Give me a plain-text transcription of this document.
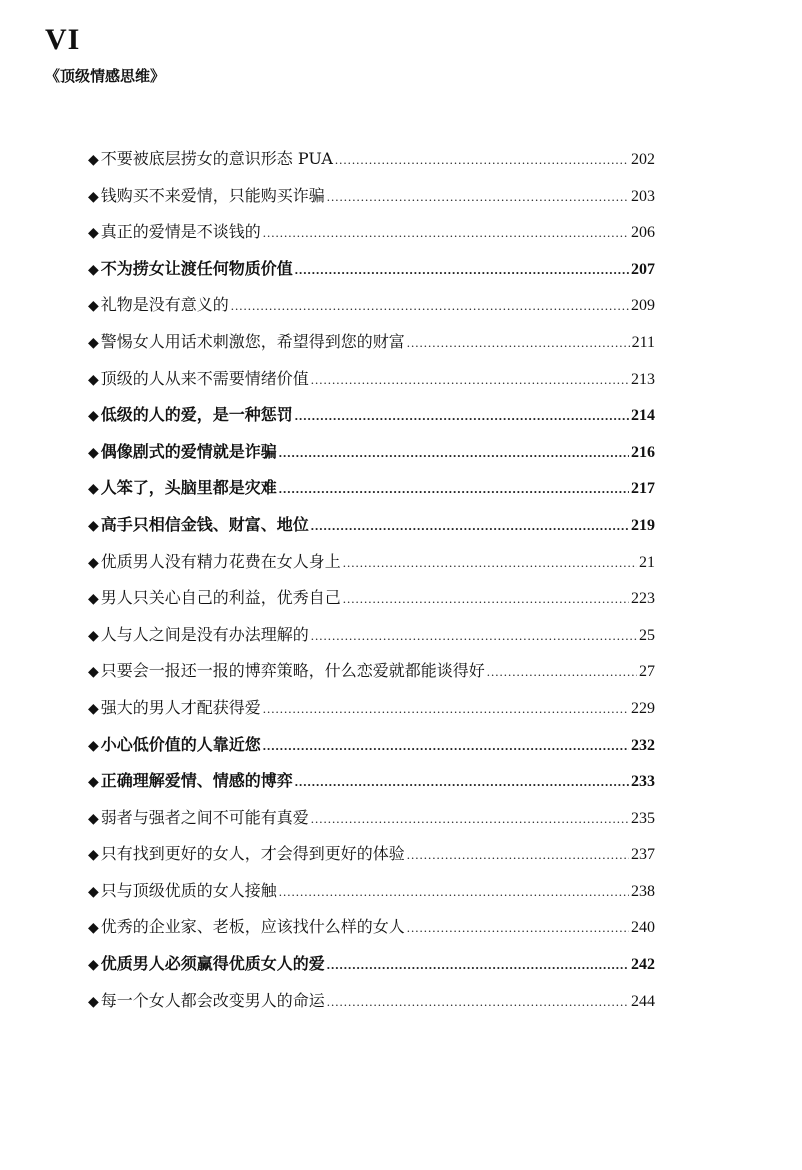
VI
《顶级情感思维》
◆ 不要被底层捞女的意识形态 PUA .....	202
◆ 钱购买不来爱情，只能购买诈骗 .....	203
◆ 真正的爱情是不谈钱的 .....	206
◆ 不为捞女让渡任何物质价值 .....	207
◆ 礼物是没有意义的 .....	209
◆ 警惕女人用话术刺激您，希望得到您的财富 .....	211
◆ 顶级的人从来不需要情绪价值 .....	213
◆ 低级的人的爱，是一种惩罚 .....	214
◆ 偶像剧式的爱情就是诈骗 .....	216
◆ 人笨了，头脑里都是灾难 .....	217
◆ 高手只相信金钱、财富、地位 .....	219
◆ 优质男人没有精力花费在女人身上 .....	21
◆ 男人只关心自己的利益，优秀自己 .....	223
◆ 人与人之间是没有办法理解的 .....	25
◆ 只要会一报还一报的博弈策略，什么恋爱就都能谈得好 .....	27
◆ 强大的男人才配获得爱 .....	229
◆ 小心低价值的人靠近您 .....	232
◆ 正确理解爱情、情感的博弈 .....	233
◆ 弱者与强者之间不可能有真爱 .....	235
◆ 只有找到更好的女人，才会得到更好的体验 .....	237
◆ 只与顶级优质的女人接触 .....	238
◆ 优秀的企业家、老板，应该找什么样的女人 .....	240
◆ 优质男人必须赢得优质女人的爱 .....	242
◆ 每一个女人都会改变男人的命运 .....	244
